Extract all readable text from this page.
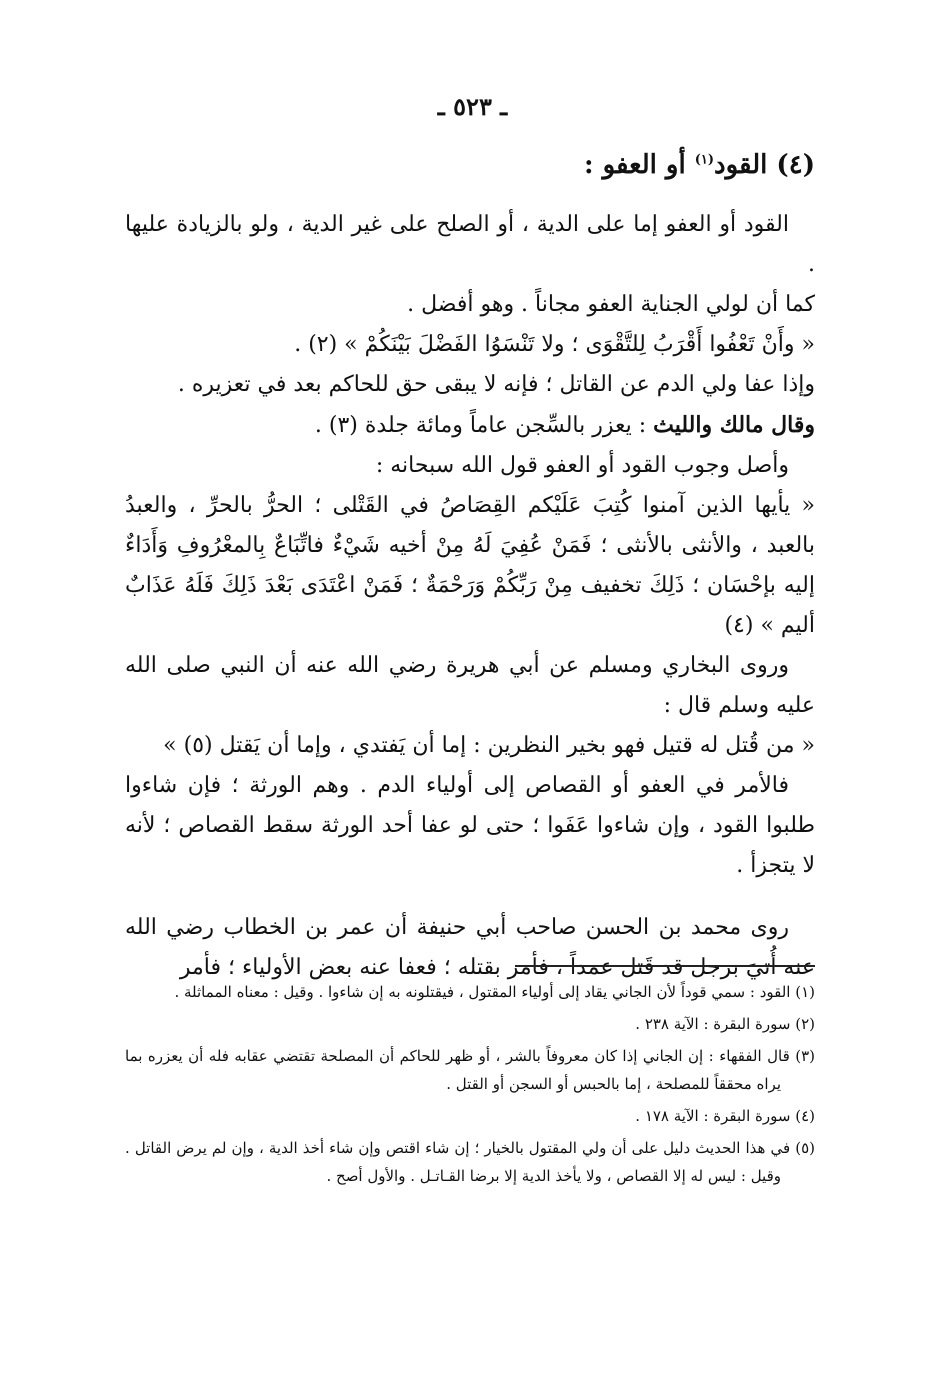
ـ ٥٢٣ ـ
(٤) القود$^{(١)}$ أو العفو :

القود أو العفو إما على الدية ، أو الصلح على غير الدية ، ولو بالزيادة عليها .

كما أن لولي الجناية العفو مجاناً . وهو أفضل .

« وأَنْ تَعْفُوا أَقْرَبُ لِلتَّقْوَى ؛ ولا تَنْسَوُا الفَضْلَ بَيْنَكُمْ » (٢) .

وإذا عفا ولي الدم عن القاتل ؛ فإنه لا يبقى حق للحاكم بعد في تعزيره .

وقال مالك والليث : يعزر بالسِّجن عاماً ومائة جلدة (٣) .

وأصل وجوب القود أو العفو قول الله سبحانه :

« يأيها الذين آمنوا كُتِبَ عَلَيْكم القِصَاصُ في القَتْلى ؛ الحرُّ بالحرِّ ، والعبدُ بالعبد ، والأنثى بالأنثى ؛ فَمَنْ عُفِيَ لَهُ مِنْ أخيه شَيْءٌ فاتِّبَاعٌ بِالمعْرُوفِ وَأَدَاءٌ إليه بإحْسَان ؛ ذَلِكَ تخفيف مِنْ رَبِّكُمْ وَرَحْمَةٌ ؛ فَمَنْ اعْتَدَى بَعْدَ ذَلِكَ فَلَهُ عَذَابٌ أليم » (٤)

وروى البخاري ومسلم عن أبي هريرة رضي الله عنه أن النبي صلى الله عليه وسلم قال :

« من قُتل له قتيل فهو بخير النظرين : إما أن يَفتدي ، وإما أن يَقتل (٥) »

فالأمر في العفو أو القصاص إلى أولياء الدم . وهم الورثة ؛ فإن شاءوا طلبوا القود ، وإن شاءوا عَفَوا ؛ حتى لو عفا أحد الورثة سقط القصاص ؛ لأنه لا يتجزأ .

روى محمد بن الحسن صاحب أبي حنيفة أن عمر بن الخطاب رضي الله عنه أُتيَ برجل قد قَتل عمداً ، فأمر بقتله ؛ فعفا عنه بعض الأولياء ؛ فأمر

(١) القود : سمي قوداً لأن الجاني يقاد إلى أولياء المقتول ، فيقتلونه به إن شاءوا . وقيل : معناه المماثلة .

(٢) سورة البقرة : الآية ٢٣٨ .

(٣) قال الفقهاء : إن الجاني إذا كان معروفاً بالشر ، أو ظهر للحاكم أن المصلحة تقتضي عقابه فله أن يعزره بما يراه محققاً للمصلحة ، إما بالحبس أو السجن أو القتل .

(٤) سورة البقرة : الآية ١٧٨ .

(٥) في هذا الحديث دليل على أن ولي المقتول بالخيار ؛ إن شاء اقتص وإن شاء أخذ الدية ، وإن لم يرض القاتل . وقيل : ليس له إلا القصاص ، ولا يأخذ الدية إلا برضا القـاتـل . والأول أصح .
